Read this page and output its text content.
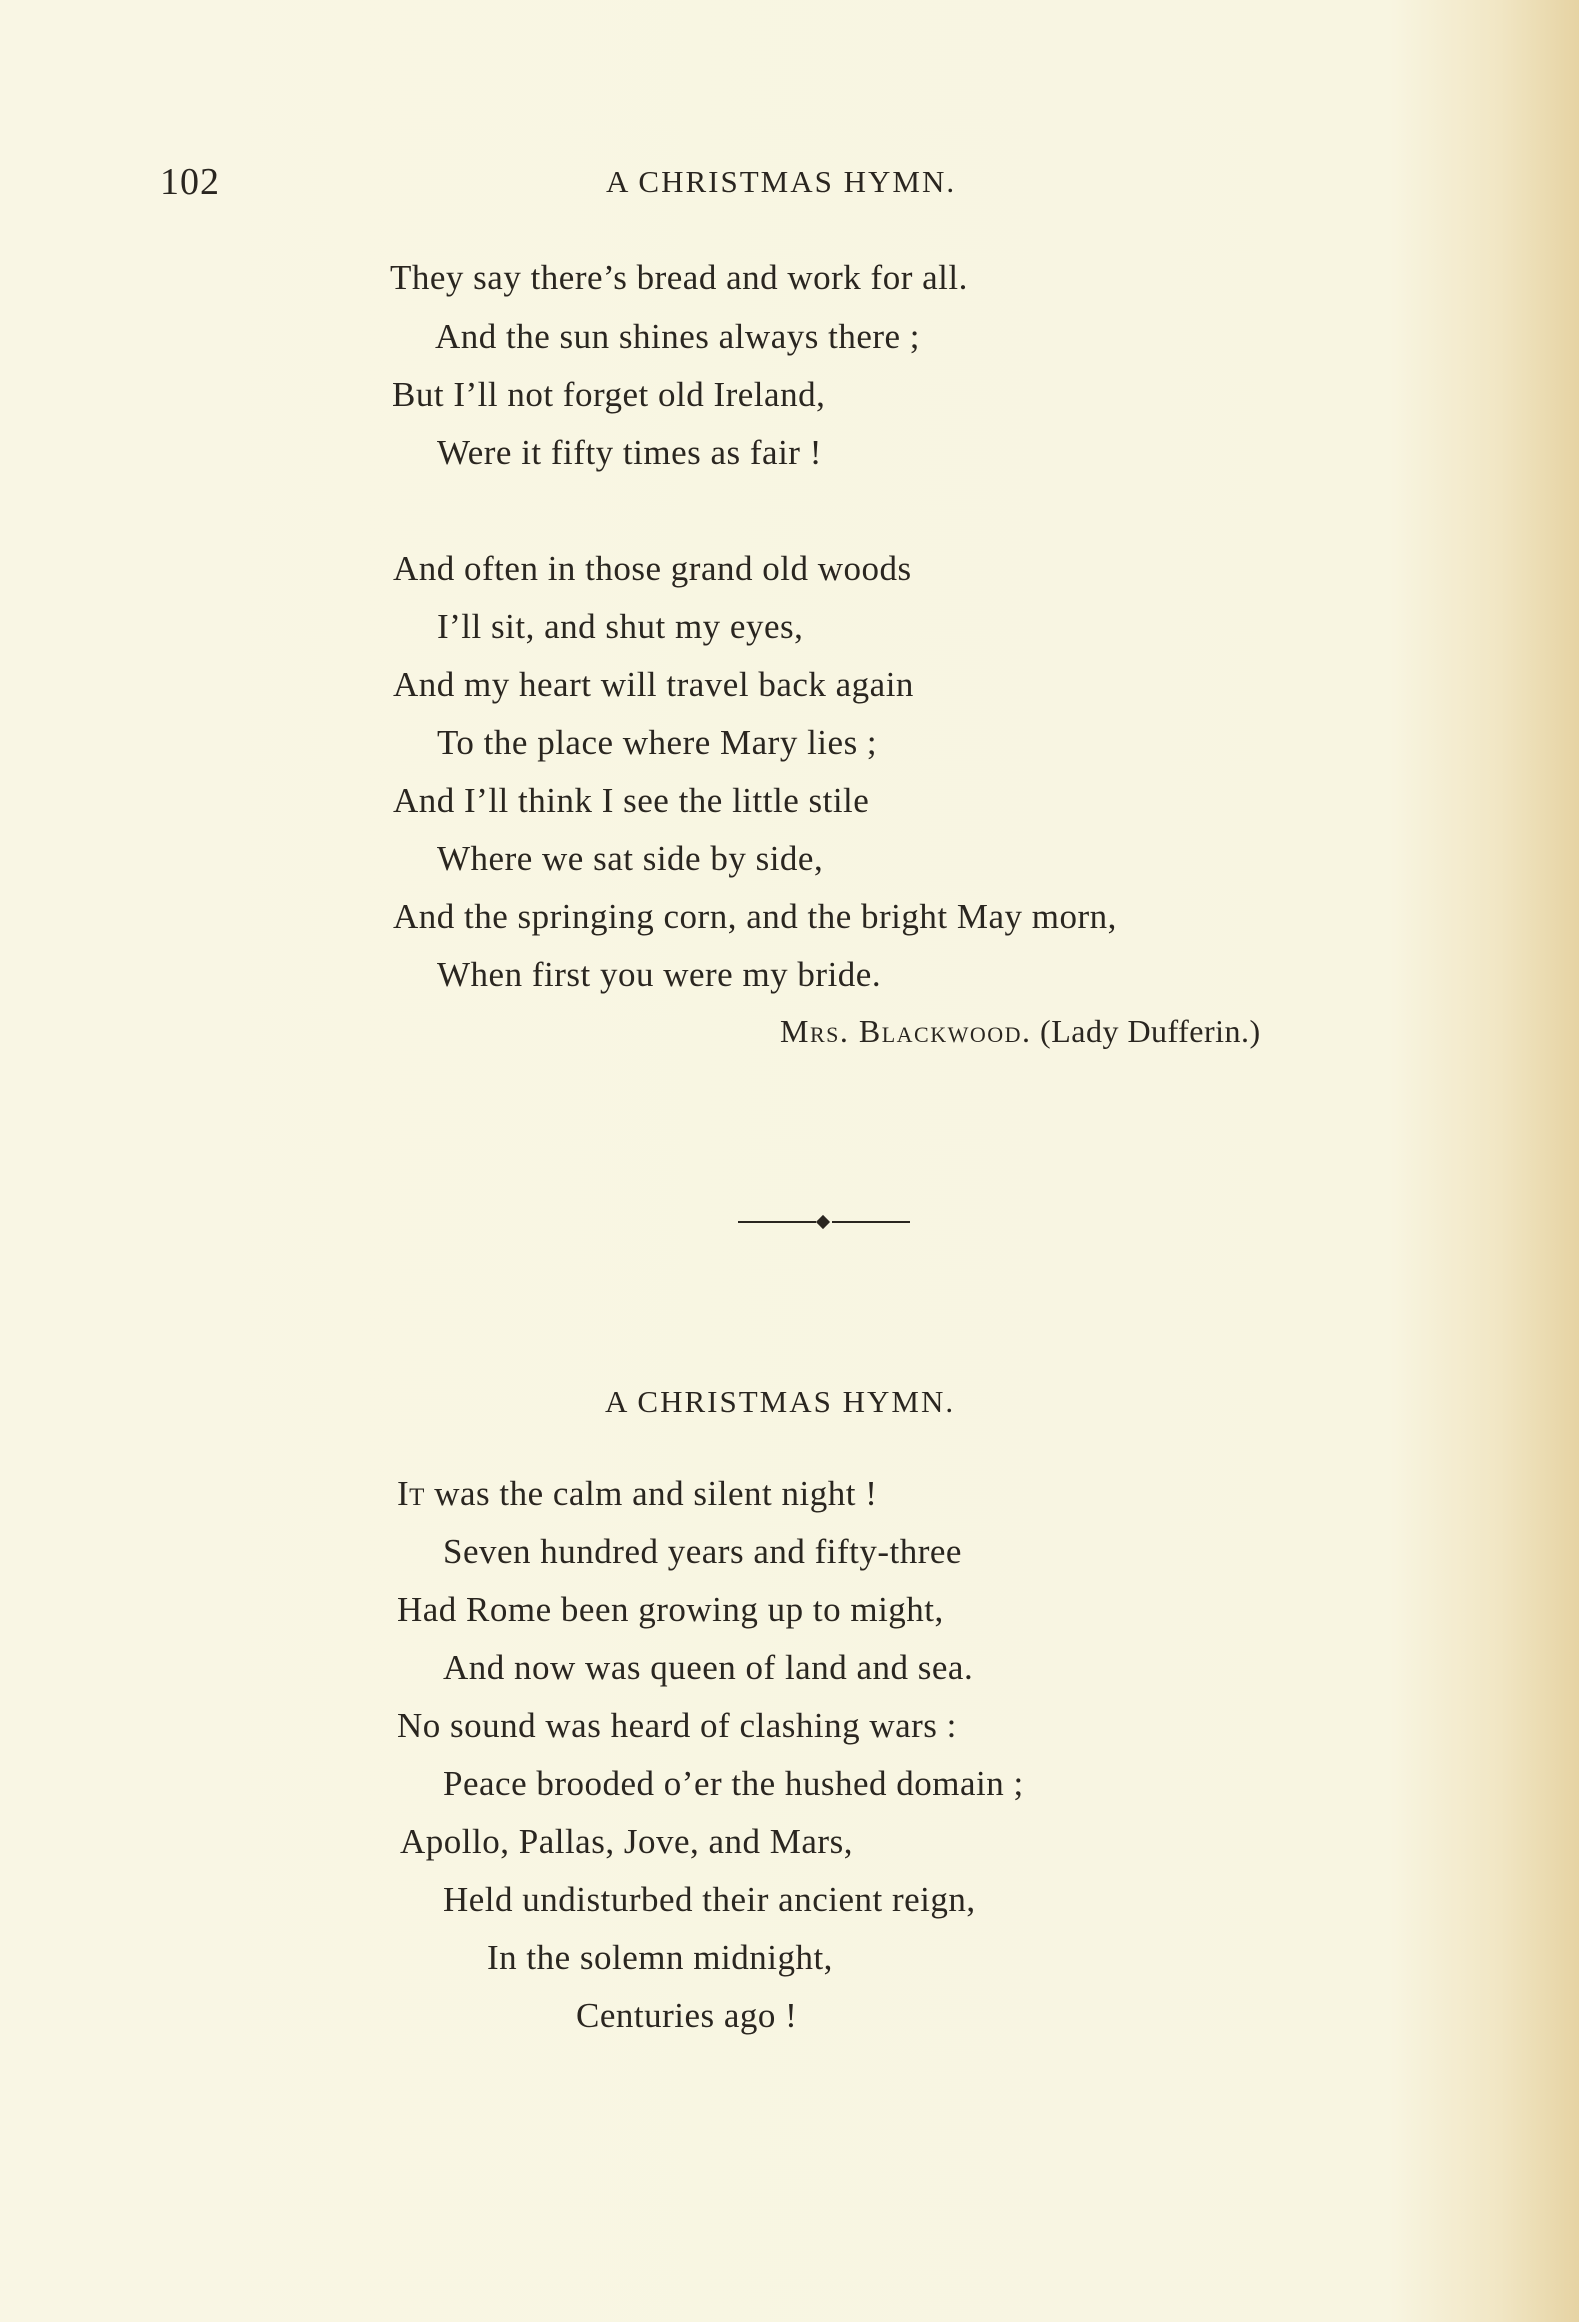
102	A CHRISTMAS HYMN.
They say there’s bread and work for all.
And the sun shines always there ;
But I’ll not forget old Ireland,
Were it fifty times as fair !
And often in those grand old woods
I’ll sit, and shut my eyes,
And my heart will travel back again
To the place where Mary lies ;
And I’ll think I see the little stile
Where we sat side by side,
And the springing corn, and the bright May morn,
When first you were my bride.
Mrs. Blackwood. (Lady Dufferin.)
A CHRISTMAS HYMN.
It was the calm and silent night !
Seven hundred years and fifty-three
Had Rome been growing up to might,
And now was queen of land and sea.
No sound was heard of clashing wars :
Peace brooded o’er the hushed domain ;
Apollo, Pallas, Jove, and Mars,
Held undisturbed their ancient reign,
In the solemn midnight,
Centuries ago !
